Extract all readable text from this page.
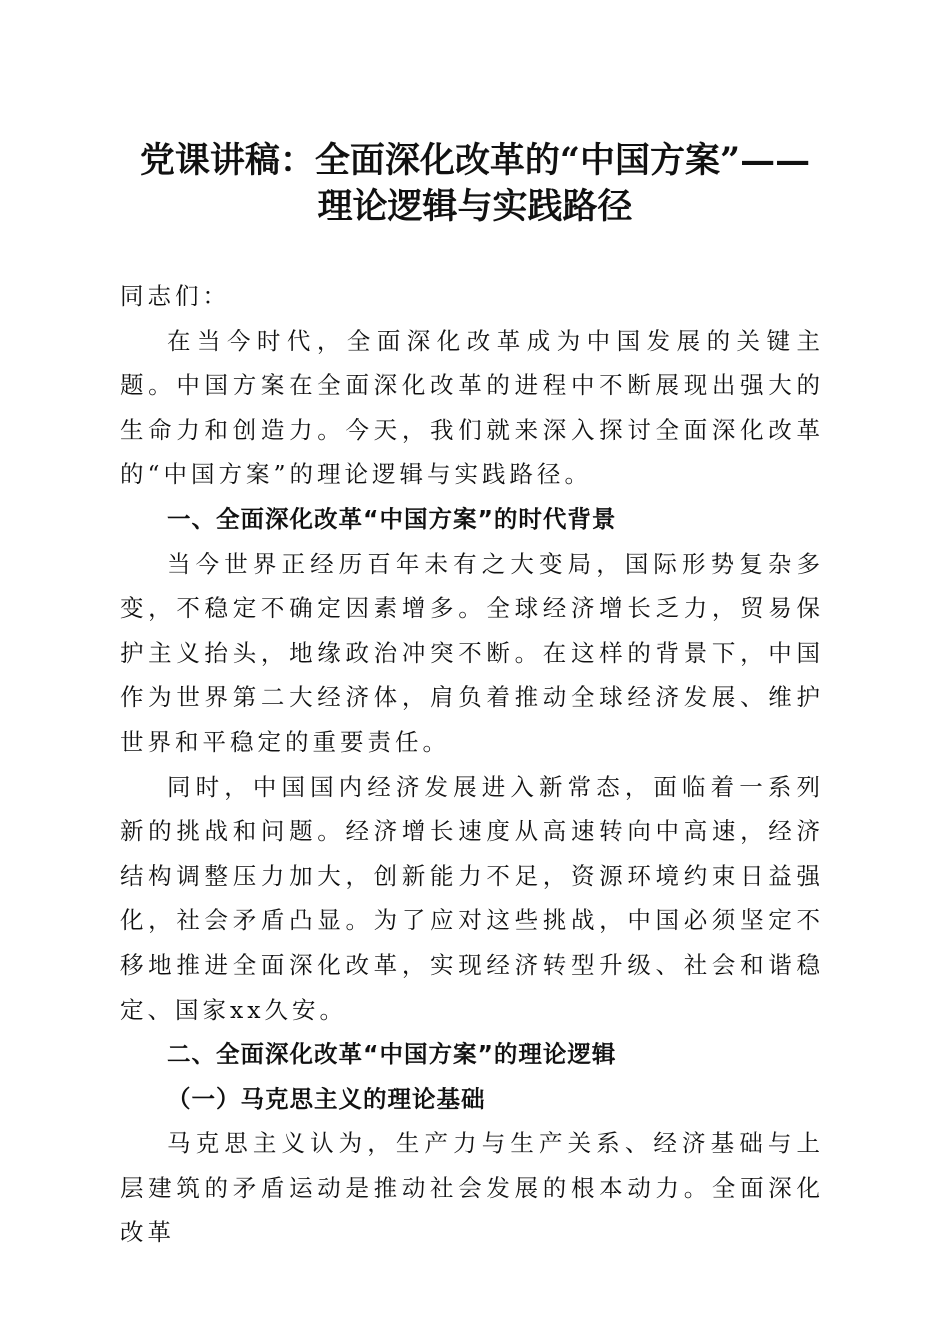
党课讲稿：全面深化改革的“中国方案”——
理论逻辑与实践路径

同志们：

在当今时代，全面深化改革成为中国发展的关键主题。中国方案在全面深化改革的进程中不断展现出强大的生命力和创造力。今天，我们就来深入探讨全面深化改革的“中国方案”的理论逻辑与实践路径。

一、全面深化改革“中国方案”的时代背景

当今世界正经历百年未有之大变局，国际形势复杂多变，不稳定不确定因素增多。全球经济增长乏力，贸易保护主义抬头，地缘政治冲突不断。在这样的背景下，中国作为世界第二大经济体，肩负着推动全球经济发展、维护世界和平稳定的重要责任。

同时，中国国内经济发展进入新常态，面临着一系列新的挑战和问题。经济增长速度从高速转向中高速，经济结构调整压力加大，创新能力不足，资源环境约束日益强化，社会矛盾凸显。为了应对这些挑战，中国必须坚定不移地推进全面深化改革，实现经济转型升级、社会和谐稳定、国家xx久安。

二、全面深化改革“中国方案”的理论逻辑

（一）马克思主义的理论基础

马克思主义认为，生产力与生产关系、经济基础与上层建筑的矛盾运动是推动社会发展的根本动力。全面深化改革
